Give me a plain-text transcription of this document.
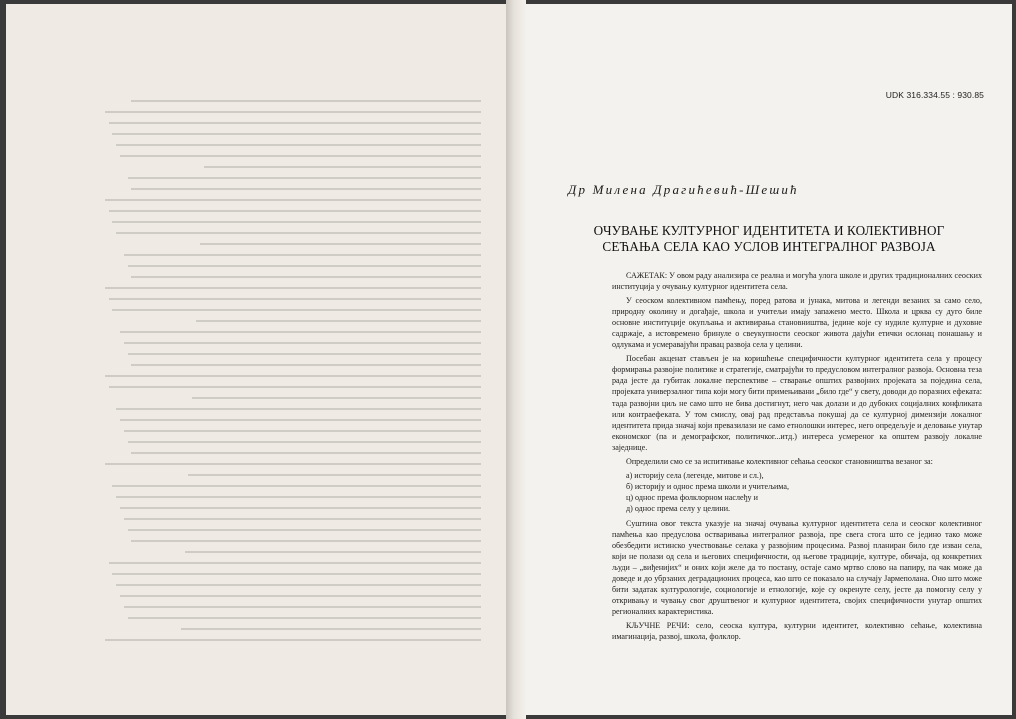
UDK 316.334.55 : 930.85
Др Милена Драгићевић-Шешић
ОЧУВАЊЕ КУЛТУРНОГ ИДЕНТИТЕТА И КОЛЕКТИВНОГ
СЕЋАЊА СЕЛА КАО УСЛОВ ИНТЕГРАЛНОГ РАЗВОЈА

САЖЕТАК: У овом раду анализира се реална и могућа улога школе и других традиционалних сеоских институција у очувању културног идентитета села.

У сеоском колективном памћењу, поред ратова и јунака, митова и легенди везаних за само село, природну околину и догађаје, школа и учитељи имају запажено место. Школа и црква су дуго биле основне институције окупљања и активирања становништва, једине које су нудиле културне и духовне садржаје, а истовремено бринуле о свеукупности сеоског живота дајући етички ослонац понашању и одлукама и усмеравајући правац развоја села у целини.

Посебан акценат стављен је на коришћење специфичности културног идентитета села у процесу формирања развојне политике и стратегије, сматрајући то предусловом интегралног развоја. Основна теза рада јесте да губитак локалне перспективе – стварање општих развојних пројеката за поједина села, пројеката универзалног типа који могу бити примењивани „било где“ у свету, доводи до поразних ефеката: тада развојни циљ не само што не бива достигнут, него чак долази и до дубоких социјалних конфликата или контраефеката. У том смислу, овај рад представља покушај да се културној димензији локалног идентитета прида значај који превазилази не само етнолошки интерес, него опредељује и деловање унутар економског (па и демографског, политичког...итд.) интереса усмереног ка општем развоју локалне заједнице.

Определили смо се за испитивање колективног сећања сеоског становништва везаног за:

а) историју села (легенде, митове и сл.),
б) историју и однос према школи и учитељима,
ц) однос према фолклорном наслеђу и
д) однос према селу у целини.

Суштина овог текста указује на значај очувања културног идентитета села и сеоског колективног памћења као предуслова остваривања интегралног развоја, пре свега стога што се једино тако може обезбедити истинско учествовање селака у развојним процесима. Развој планиран било где изван села, који не полази од села и његових специфичности, од његове традиције, културе, обичаја, од конкретних људи – „виђенијих“ и оних који желе да то постану, остаје само мртво слово на папиру, па чак може да доведе и до убрзаних деградационих процеса, као што се показало на случају Јармеполана. Оно што може бити задатак културологије, социологије и етнологије, које су окренуте селу, јесте да помогну селу у откривању и чувању свог друштвеног и културног идентитета, својих специфичности унутар општих регионалних карактеристика.

КЉУЧНЕ РЕЧИ: село, сеоска култура, културни идентитет, колективно сећање, колективна имагинација, развој, школа, фолклор.
